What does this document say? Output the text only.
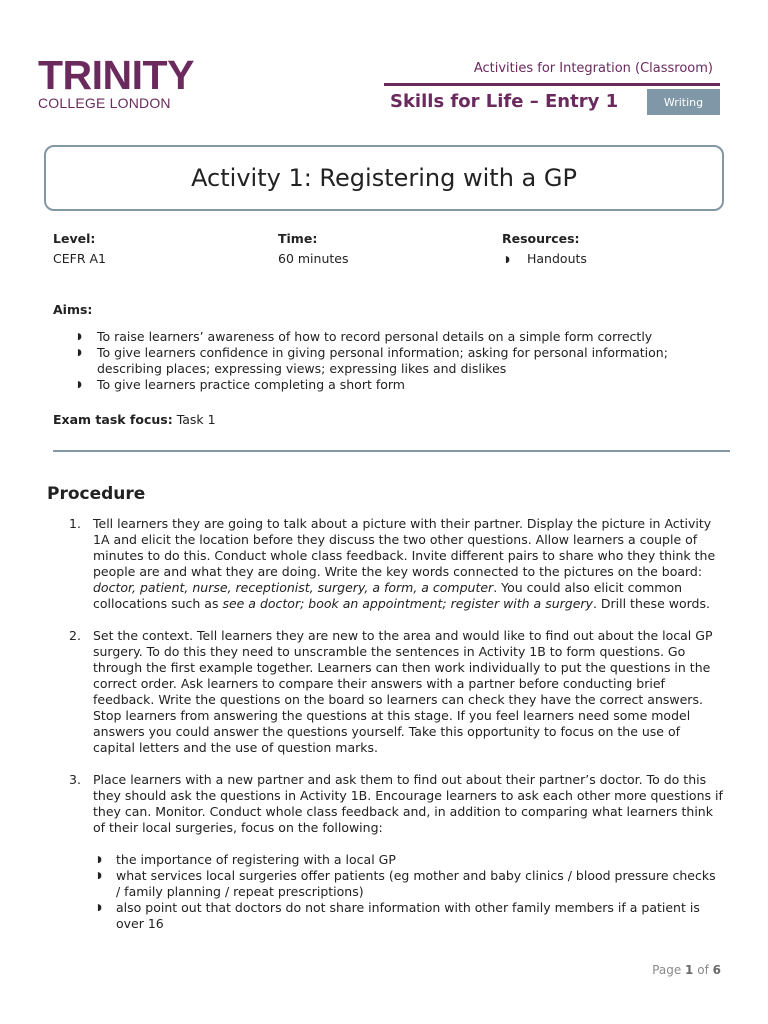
TRINITY
COLLEGE LONDON
Activities for Integration (Classroom)
Skills for Life – Entry 1	Writing
Activity 1: Registering with a GP
Level:
CEFR A1
Time:
60 minutes
Resources:
◗ Handouts
Aims:
◗ To raise learners’ awareness of how to record personal details on a simple form correctly
◗ To give learners confidence in giving personal information; asking for personal information; describing places; expressing views; expressing likes and dislikes
◗ To give learners practice completing a short form
Exam task focus: Task 1
Procedure
1. Tell learners they are going to talk about a picture with their partner. Display the picture in Activity 1A and elicit the location before they discuss the two other questions. Allow learners a couple of minutes to do this. Conduct whole class feedback. Invite different pairs to share who they think the people are and what they are doing. Write the key words connected to the pictures on the board: doctor, patient, nurse, receptionist, surgery, a form, a computer. You could also elicit common collocations such as see a doctor; book an appointment; register with a surgery. Drill these words.
2. Set the context. Tell learners they are new to the area and would like to find out about the local GP surgery. To do this they need to unscramble the sentences in Activity 1B to form questions. Go through the first example together. Learners can then work individually to put the questions in the correct order. Ask learners to compare their answers with a partner before conducting brief feedback. Write the questions on the board so learners can check they have the correct answers. Stop learners from answering the questions at this stage. If you feel learners need some model answers you could answer the questions yourself. Take this opportunity to focus on the use of capital letters and the use of question marks.
3. Place learners with a new partner and ask them to find out about their partner’s doctor. To do this they should ask the questions in Activity 1B. Encourage learners to ask each other more questions if they can. Monitor. Conduct whole class feedback and, in addition to comparing what learners think of their local surgeries, focus on the following:
◗ the importance of registering with a local GP
◗ what services local surgeries offer patients (eg mother and baby clinics / blood pressure checks / family planning / repeat prescriptions)
◗ also point out that doctors do not share information with other family members if a patient is over 16
Page 1 of 6
